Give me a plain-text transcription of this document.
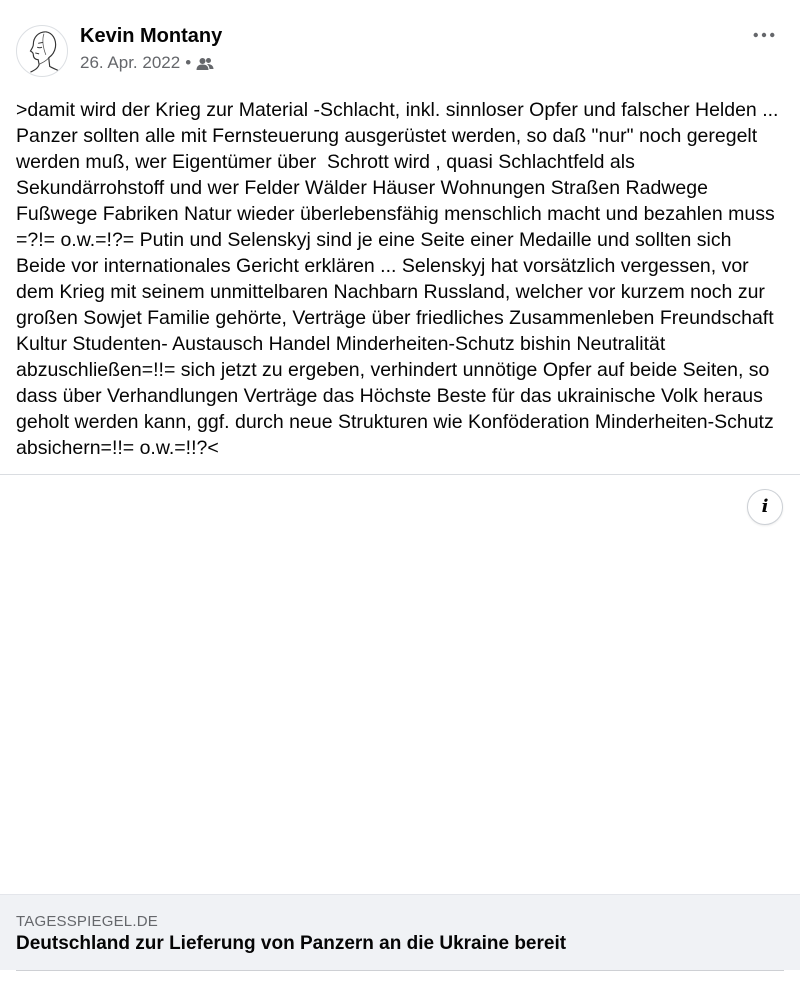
Kevin Montany
26. Apr. 2022 •
>damit wird der Krieg zur Material -Schlacht, inkl. sinnloser Opfer und falscher Helden ... Panzer sollten alle mit Fernsteuerung ausgerüstet werden, so daß "nur" noch geregelt werden muß, wer Eigentümer über  Schrott wird , quasi Schlachtfeld als Sekundärrohstoff und wer Felder Wälder Häuser Wohnungen Straßen Radwege Fußwege Fabriken Natur wieder überlebensfähig menschlich macht und bezahlen muss =?!= o.w.=!?= Putin und Selenskyj sind je eine Seite einer Medaille und sollten sich Beide vor internationales Gericht erklären ... Selenskyj hat vorsätzlich vergessen, vor dem Krieg mit seinem unmittelbaren Nachbarn Russland, welcher vor kurzem noch zur großen Sowjet Familie gehörte, Verträge über friedliches Zusammenleben Freundschaft Kultur Studenten- Austausch Handel Minderheiten-Schutz bishin Neutralität abzuschließen=!!= sich jetzt zu ergeben, verhindert unnötige Opfer auf beide Seiten, so dass über Verhandlungen Verträge das Höchste Beste für das ukrainische Volk heraus geholt werden kann, ggf. durch neue Strukturen wie Konföderation Minderheiten-Schutz absichern=!!= o.w.=!!?<
i
TAGESSPIEGEL.DE
Deutschland zur Lieferung von Panzern an die Ukraine bereit
